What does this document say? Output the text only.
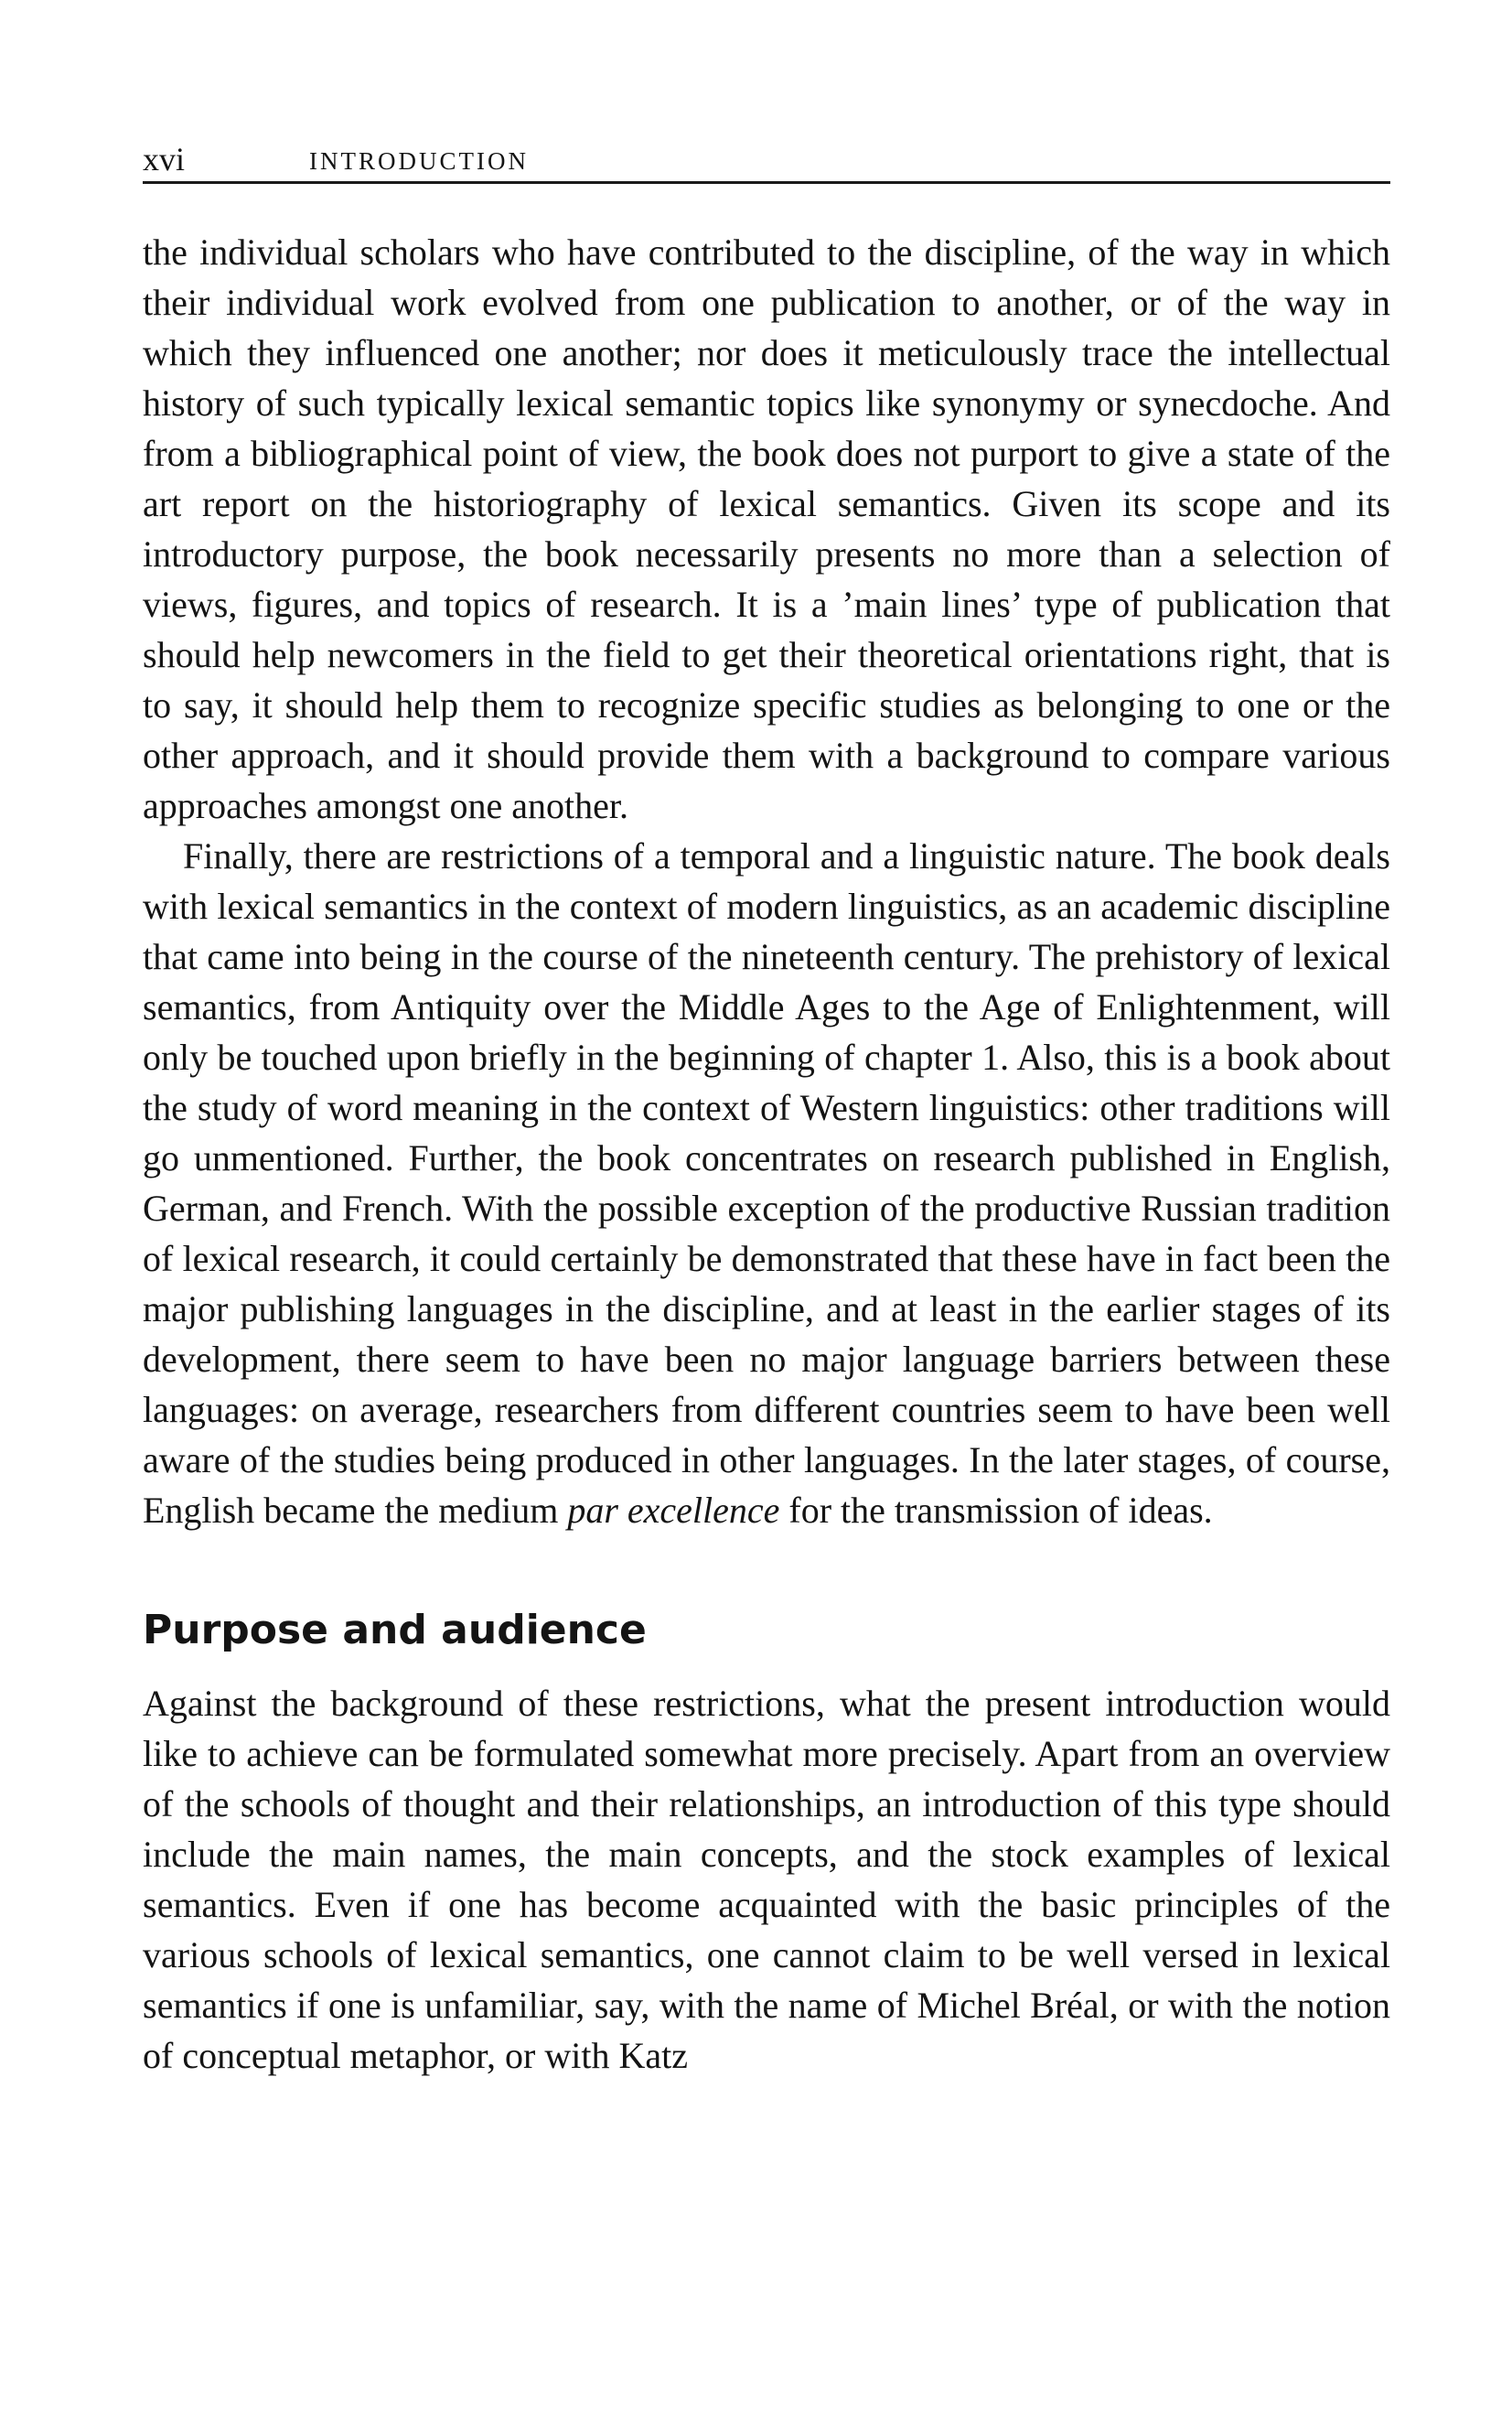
xvi	INTRODUCTION

the individual scholars who have contributed to the discipline, of the way in which their individual work evolved from one publication to another, or of the way in which they influenced one another; nor does it meticulously trace the intellectual history of such typically lexical semantic topics like synonymy or synecdoche. And from a bibliographical point of view, the book does not purport to give a state of the art report on the historiography of lexical semantics. Given its scope and its introductory purpose, the book necessarily presents no more than a selection of views, figures, and topics of research. It is a ’main lines’ type of publication that should help newcomers in the field to get their theoretical orientations right, that is to say, it should help them to recognize specific studies as belonging to one or the other approach, and it should provide them with a background to compare various approaches amongst one another.

Finally, there are restrictions of a temporal and a linguistic nature. The book deals with lexical semantics in the context of modern linguistics, as an academic discipline that came into being in the course of the nineteenth century. The prehistory of lexical semantics, from Antiquity over the Middle Ages to the Age of Enlightenment, will only be touched upon briefly in the beginning of chapter 1. Also, this is a book about the study of word meaning in the context of Western linguistics: other traditions will go unmentioned. Further, the book concentrates on research published in English, German, and French. With the possible exception of the productive Russian tradition of lexical research, it could certainly be demonstrated that these have in fact been the major publishing languages in the discipline, and at least in the earlier stages of its development, there seem to have been no major language barriers between these languages: on average, researchers from different countries seem to have been well aware of the studies being produced in other languages. In the later stages, of course, English became the medium par excellence for the transmission of ideas.

Purpose and audience

Against the background of these restrictions, what the present introduction would like to achieve can be formulated somewhat more precisely. Apart from an overview of the schools of thought and their relationships, an introduction of this type should include the main names, the main concepts, and the stock examples of lexical semantics. Even if one has become acquainted with the basic principles of the various schools of lexical semantics, one cannot claim to be well versed in lexical semantics if one is unfamiliar, say, with the name of Michel Bréal, or with the notion of conceptual metaphor, or with Katz
